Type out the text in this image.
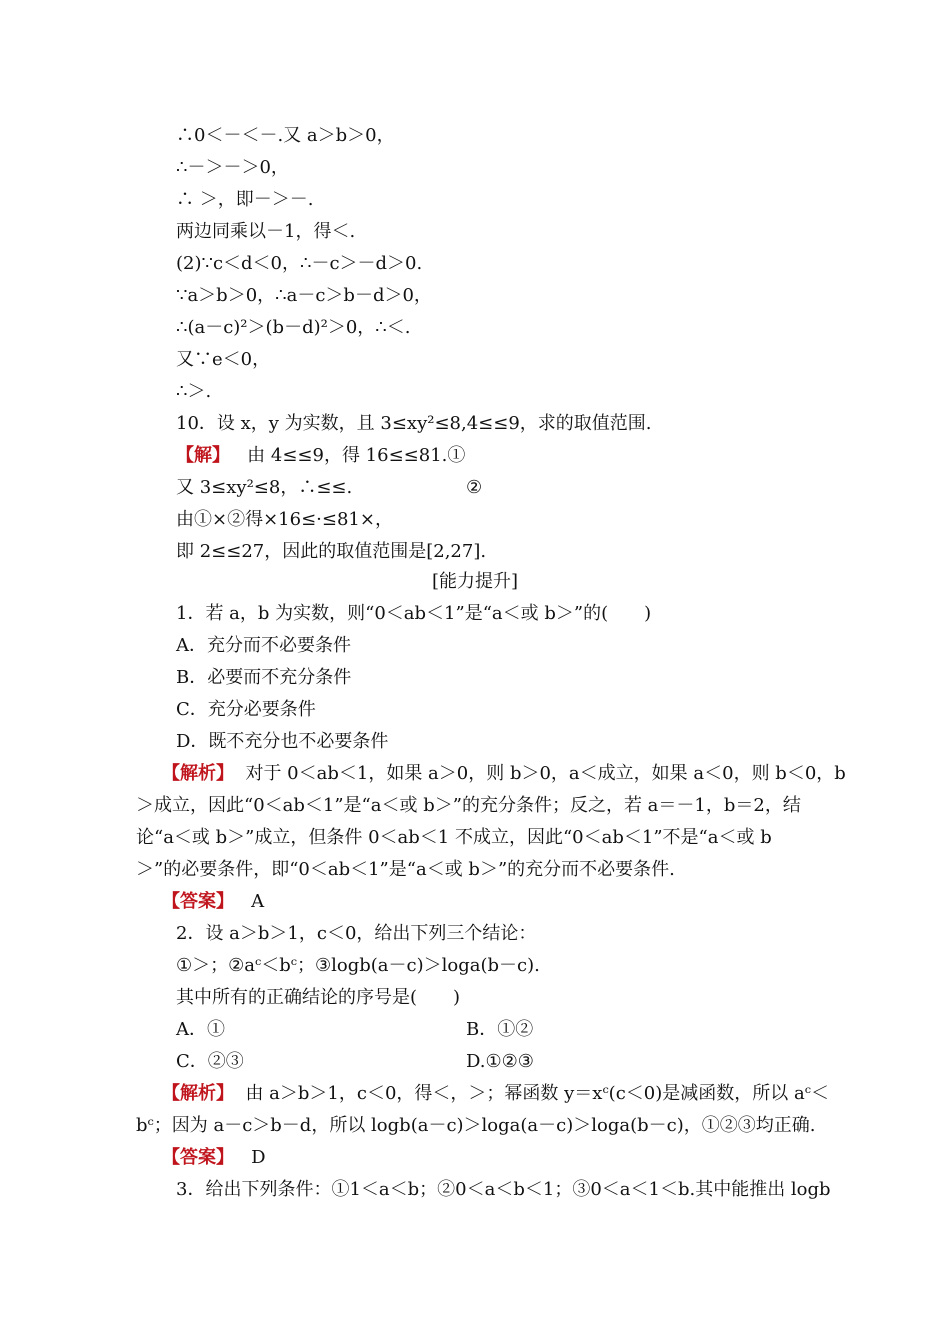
∴0＜－＜－.又 a＞b＞0，
∴－＞－＞0，
∴ ＞，即－＞－.
两边同乘以－1，得＜.
(2)∵c＜d＜0，∴－c＞－d＞0.
∵a＞b＞0，∴a－c＞b－d＞0，
∴(a－c)²＞(b－d)²＞0，∴＜.
又∵e＜0，
∴＞.
10．设 x，y 为实数，且 3≤xy²≤8,4≤≤9，求的取值范围.
【解】 由 4≤≤9，得 16≤≤81.①
又 3≤xy²≤8，∴≤≤.	②
由①×②得×16≤·≤81×，
即 2≤≤27，因此的取值范围是[2,27].
[能力提升]
1．若 a，b 为实数，则“0＜ab＜1”是“a＜或 b＞”的(　　)
A．充分而不必要条件
B．必要而不充分条件
C．充分必要条件
D．既不充分也不必要条件
【解析】 对于 0＜ab＜1，如果 a＞0，则 b＞0，a＜成立，如果 a＜0，则 b＜0，b
＞成立，因此“0＜ab＜1”是“a＜或 b＞”的充分条件；反之，若 a＝－1，b＝2，结
论“a＜或 b＞”成立，但条件 0＜ab＜1 不成立，因此“0＜ab＜1”不是“a＜或 b
＞”的必要条件，即“0＜ab＜1”是“a＜或 b＞”的充分而不必要条件.
【答案】 A
2．设 a＞b＞1，c＜0，给出下列三个结论：
①＞；②aᶜ＜bᶜ；③logb(a－c)＞loga(b－c).
其中所有的正确结论的序号是(　　)
A．①	B．①②
C．②③	D.①②③
【解析】 由 a＞b＞1，c＜0，得＜，＞；幂函数 y＝xᶜ(c＜0)是减函数，所以 aᶜ＜
bᶜ；因为 a－c＞b－d，所以 logb(a－c)＞loga(a－c)＞loga(b－c)，①②③均正确.
【答案】 D
3．给出下列条件：①1＜a＜b；②0＜a＜b＜1；③0＜a＜1＜b.其中能推出 logb
